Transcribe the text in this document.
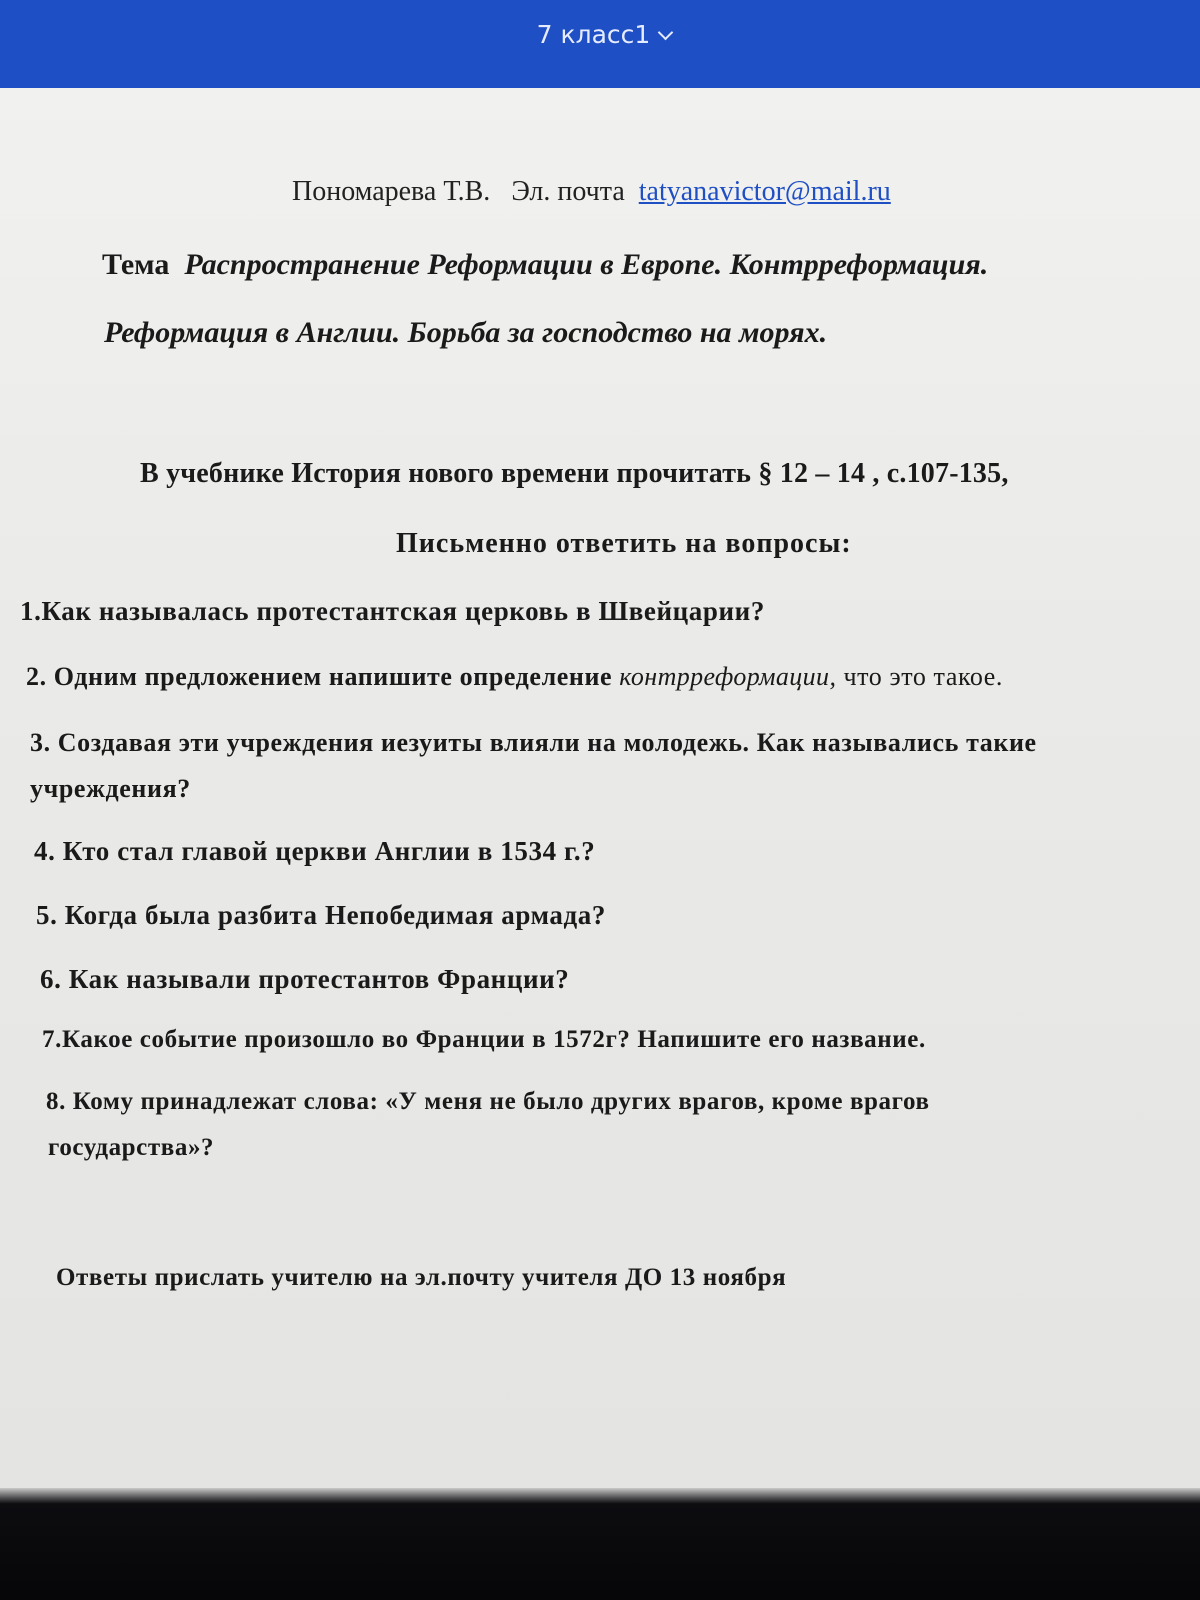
7 класс1
Пономарева Т.В. Эл. почта tatyanavictor@mail.ru
Тема Распространение Реформации в Европе. Контрреформация.
Реформация в Англии. Борьба за господство на морях.
В учебнике История нового времени прочитать § 12 – 14 , с.107-135,
Письменно ответить на вопросы:
1.Как называлась протестантская церковь в Швейцарии?
2. Одним предложением напишите определение контрреформации, что это такое.
3. Создавая эти учреждения иезуиты влияли на молодежь. Как назывались такие
учреждения?
4. Кто стал главой церкви Англии в 1534 г.?
5. Когда была разбита Непобедимая армада?
6. Как называли протестантов Франции?
7.Какое событие произошло во Франции в 1572г? Напишите его название.
8. Кому принадлежат слова: «У меня не было других врагов, кроме врагов
государства»?
Ответы прислать учителю на эл.почту учителя ДО 13 ноября
